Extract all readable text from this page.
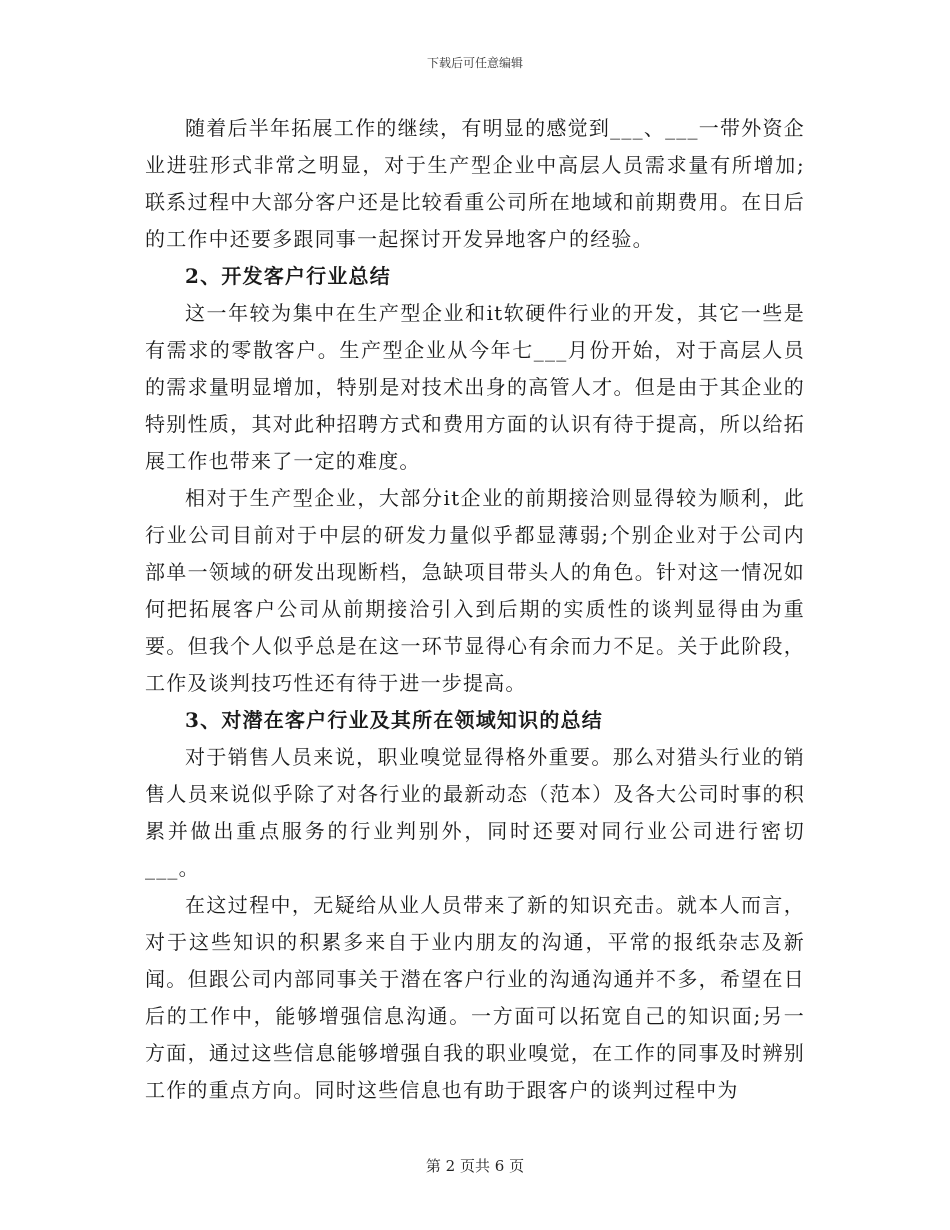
下载后可任意编辑

随着后半年拓展工作的继续，有明显的感觉到___、___一带外资企业进驻形式非常之明显，对于生产型企业中高层人员需求量有所增加;联系过程中大部分客户还是比较看重公司所在地域和前期费用。在日后的工作中还要多跟同事一起探讨开发异地客户的经验。

2、开发客户行业总结

这一年较为集中在生产型企业和it软硬件行业的开发，其它一些是有需求的零散客户。生产型企业从今年七___月份开始，对于高层人员的需求量明显增加，特别是对技术出身的高管人才。但是由于其企业的特别性质，其对此种招聘方式和费用方面的认识有待于提高，所以给拓展工作也带来了一定的难度。

相对于生产型企业，大部分it企业的前期接洽则显得较为顺利，此行业公司目前对于中层的研发力量似乎都显薄弱;个别企业对于公司内部单一领域的研发出现断档，急缺项目带头人的角色。针对这一情况如何把拓展客户公司从前期接洽引入到后期的实质性的谈判显得由为重要。但我个人似乎总是在这一环节显得心有余而力不足。关于此阶段，工作及谈判技巧性还有待于进一步提高。

3、对潜在客户行业及其所在领域知识的总结

对于销售人员来说，职业嗅觉显得格外重要。那么对猎头行业的销售人员来说似乎除了对各行业的最新动态（范本）及各大公司时事的积累并做出重点服务的行业判别外，同时还要对同行业公司进行密切___。

在这过程中，无疑给从业人员带来了新的知识充击。就本人而言，对于这些知识的积累多来自于业内朋友的沟通，平常的报纸杂志及新闻。但跟公司内部同事关于潜在客户行业的沟通沟通并不多，希望在日后的工作中，能够增强信息沟通。一方面可以拓宽自己的知识面;另一方面，通过这些信息能够增强自我的职业嗅觉，在工作的同事及时辨别工作的重点方向。同时这些信息也有助于跟客户的谈判过程中为

第 2 页共 6 页
